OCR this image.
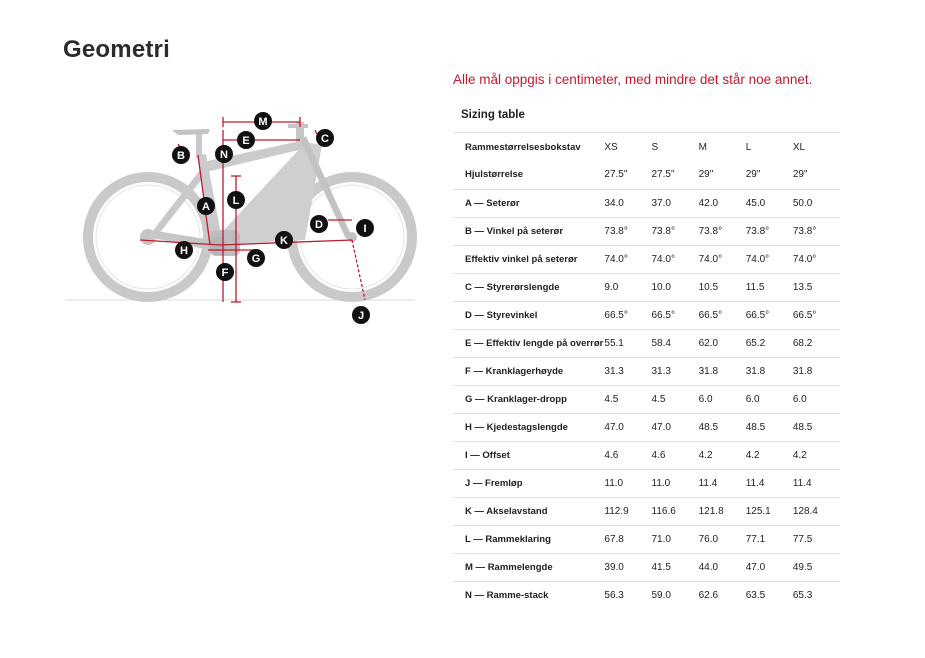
Geometri
M
E	C
B	N
L
A
D	I
K
H
G
F
J
Alle mål oppgis i centimeter, med mindre det står noe annet.
Sizing table
Rammestørrelsesbokstav	XS	S	M	L	XL
Hjulstørrelse	27.5"	27.5"	29"	29"	29"
A — Seterør	34.0	37.0	42.0	45.0	50.0
B — Vinkel på seterør	73.8°	73.8°	73.8°	73.8°	73.8°
Effektiv vinkel på seterør	74.0°	74.0°	74.0°	74.0°	74.0°
C — Styrerørslengde	9.0	10.0	10.5	11.5	13.5
D — Styrevinkel	66.5°	66.5°	66.5°	66.5°	66.5°
E — Effektiv lengde på overrør	55.1	58.4	62.0	65.2	68.2
F — Kranklagerhøyde	31.3	31.3	31.8	31.8	31.8
G — Kranklager-dropp	4.5	4.5	6.0	6.0	6.0
H — Kjedestagslengde	47.0	47.0	48.5	48.5	48.5
I — Offset	4.6	4.6	4.2	4.2	4.2
J — Fremløp	11.0	11.0	11.4	11.4	11.4
K — Akselavstand	112.9	116.6	121.8	125.1	128.4
L — Rammeklaring	67.8	71.0	76.0	77.1	77.5
M — Rammelengde	39.0	41.5	44.0	47.0	49.5
N — Ramme-stack	56.3	59.0	62.6	63.5	65.3
